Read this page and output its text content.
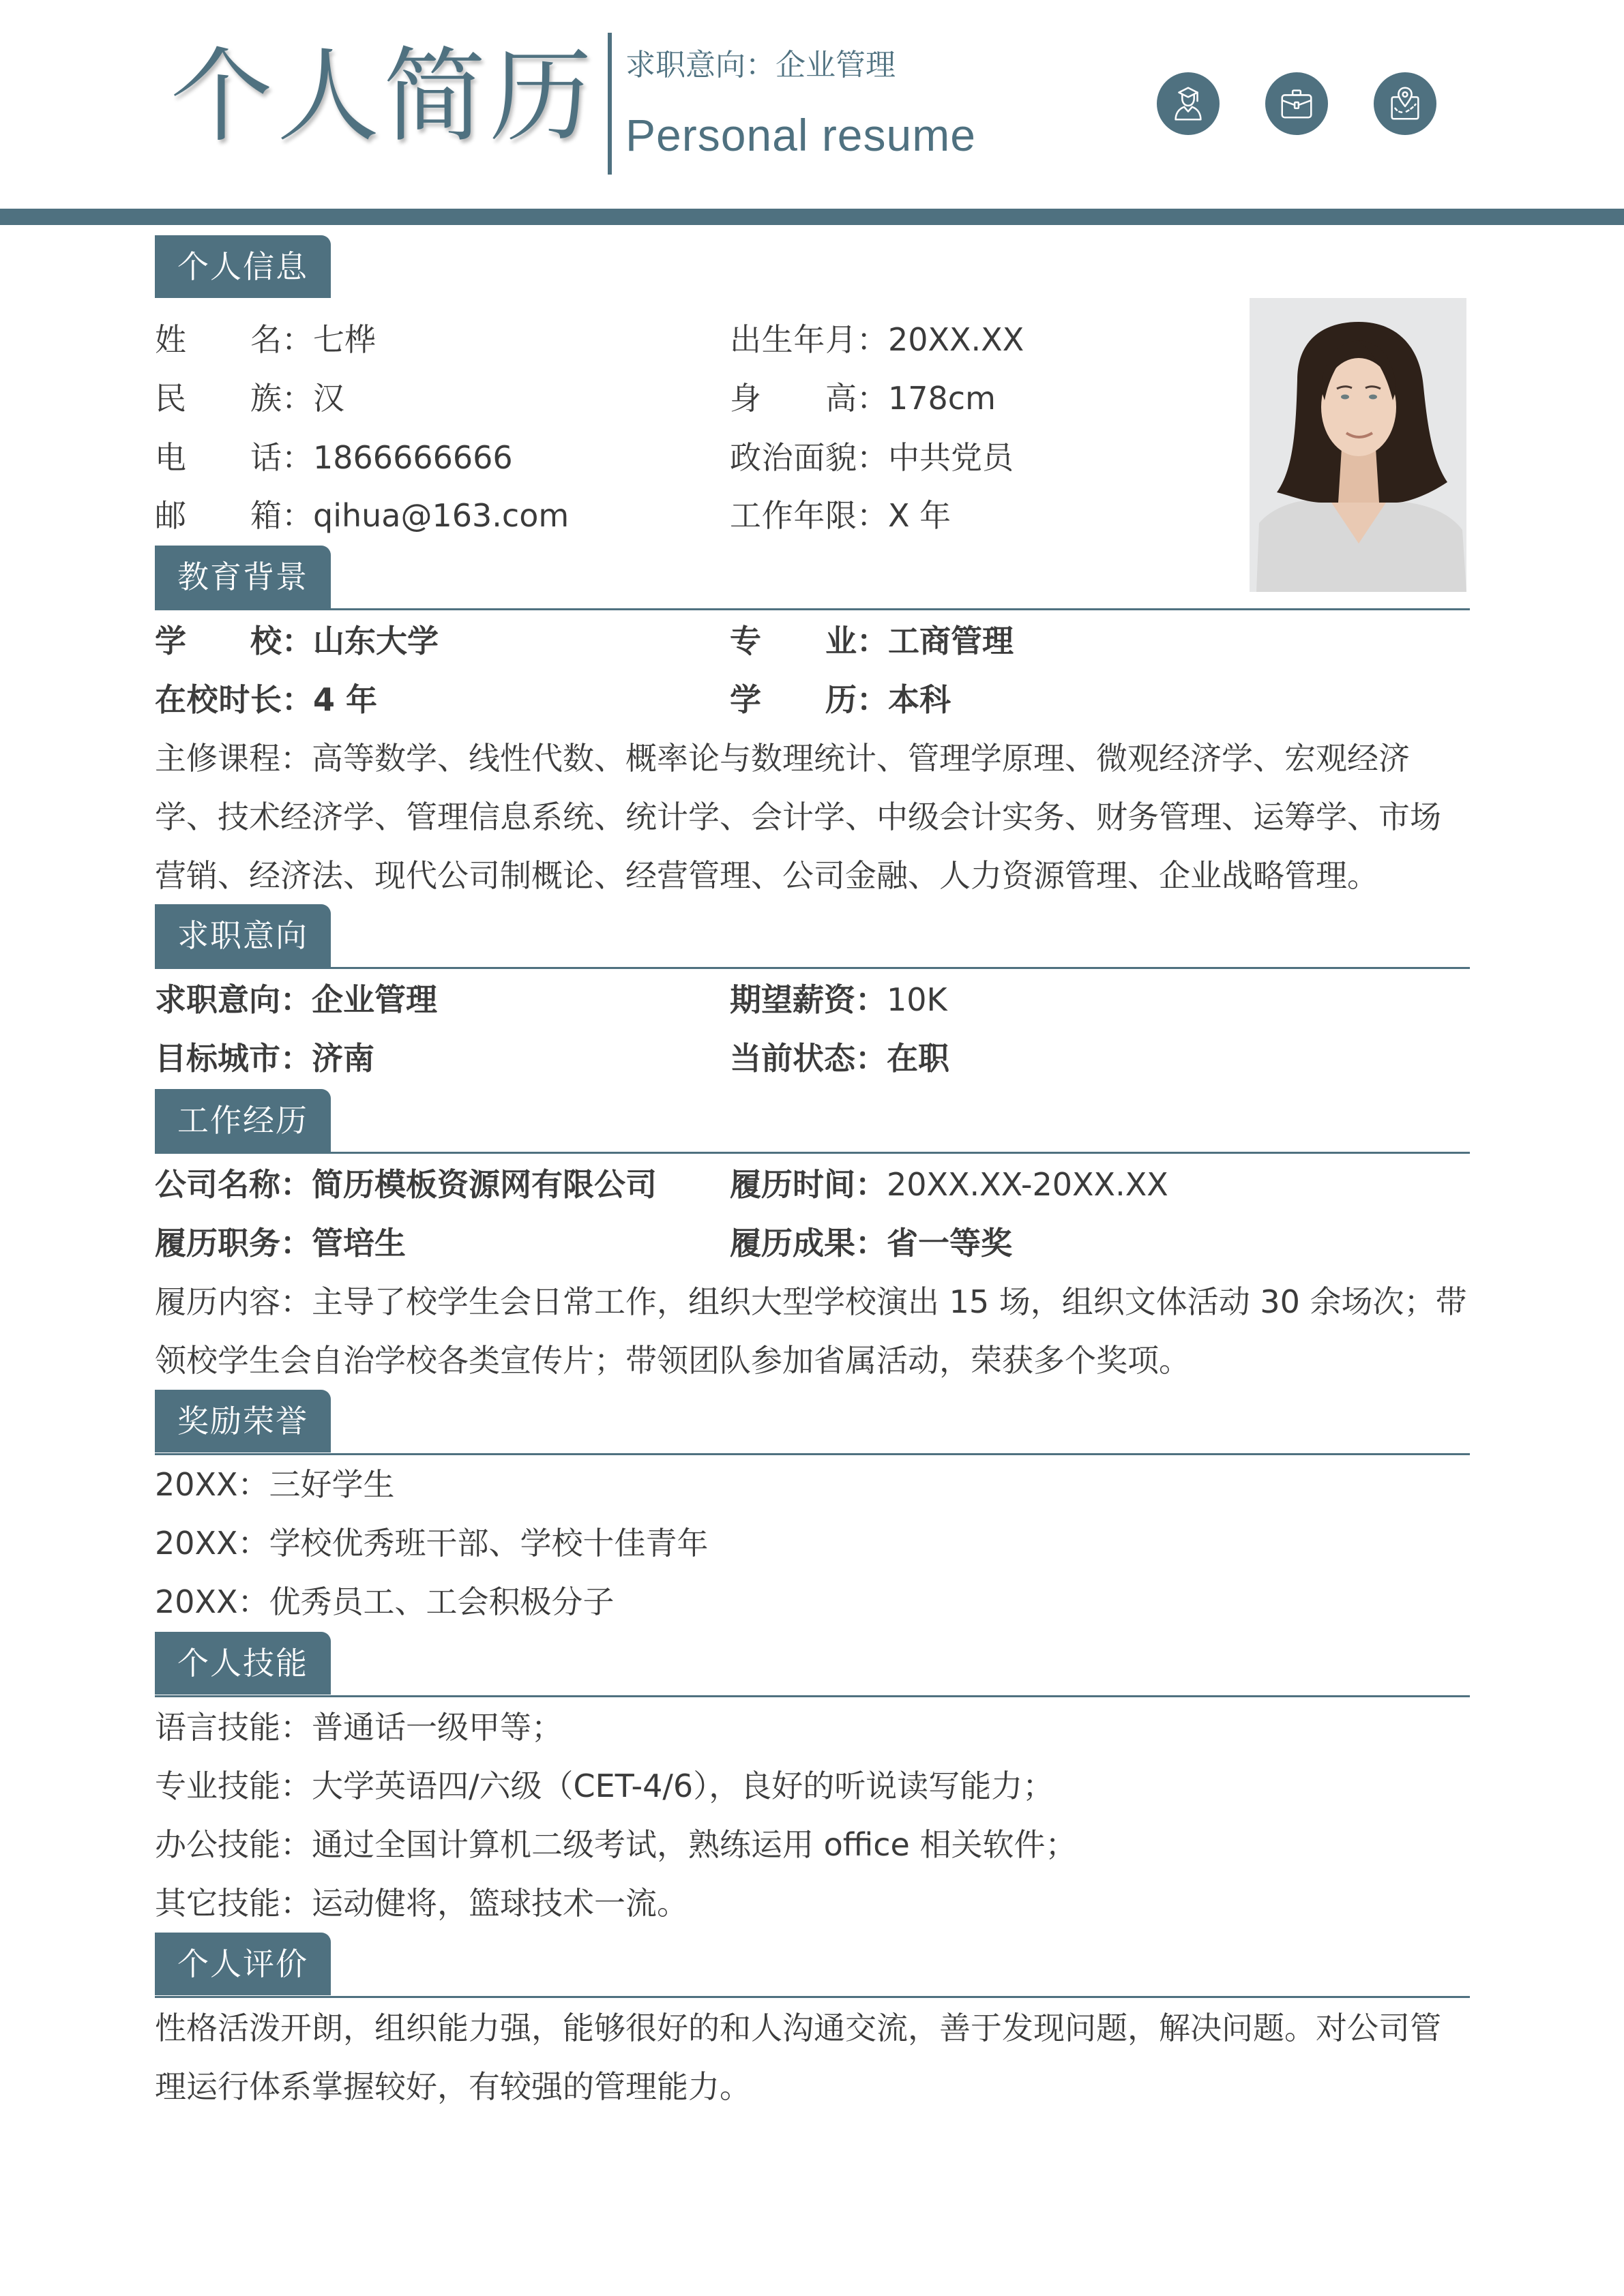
个人简历 求职意向：企业管理
Personal resume
个人信息
姓名：七桦
民族：汉
电话：1866666666
邮箱：qihua@163.com
出生年月：20XX.XX
身高：178cm
政治面貌：中共党员
工作年限：X 年
教育背景
学校：山东大学
在校时长：4 年
专业：工商管理
学历：本科
主修课程：高等数学、线性代数、概率论与数理统计、管理学原理、微观经济学、宏观经济学、技术经济学、管理信息系统、统计学、会计学、中级会计实务、财务管理、运筹学、市场营销、经济法、现代公司制概论、经营管理、公司金融、人力资源管理、企业战略管理。
求职意向
求职意向：企业管理
目标城市：济南
期望薪资：10K
当前状态：在职
工作经历
公司名称：简历模板资源网有限公司
履历职务：管培生
履历时间：20XX.XX-20XX.XX
履历成果：省一等奖
履历内容：主导了校学生会日常工作，组织大型学校演出 15 场，组织文体活动 30 余场次；带领校学生会自治学校各类宣传片；带领团队参加省属活动，荣获多个奖项。
奖励荣誉
20XX：三好学生
20XX：学校优秀班干部、学校十佳青年
20XX：优秀员工、工会积极分子
个人技能
语言技能：普通话一级甲等；
专业技能：大学英语四/六级（CET-4/6），良好的听说读写能力；
办公技能：通过全国计算机二级考试，熟练运用 office 相关软件；
其它技能：运动健将，篮球技术一流。
个人评价
性格活泼开朗，组织能力强，能够很好的和人沟通交流，善于发现问题，解决问题。对公司管理运行体系掌握较好，有较强的管理能力。
